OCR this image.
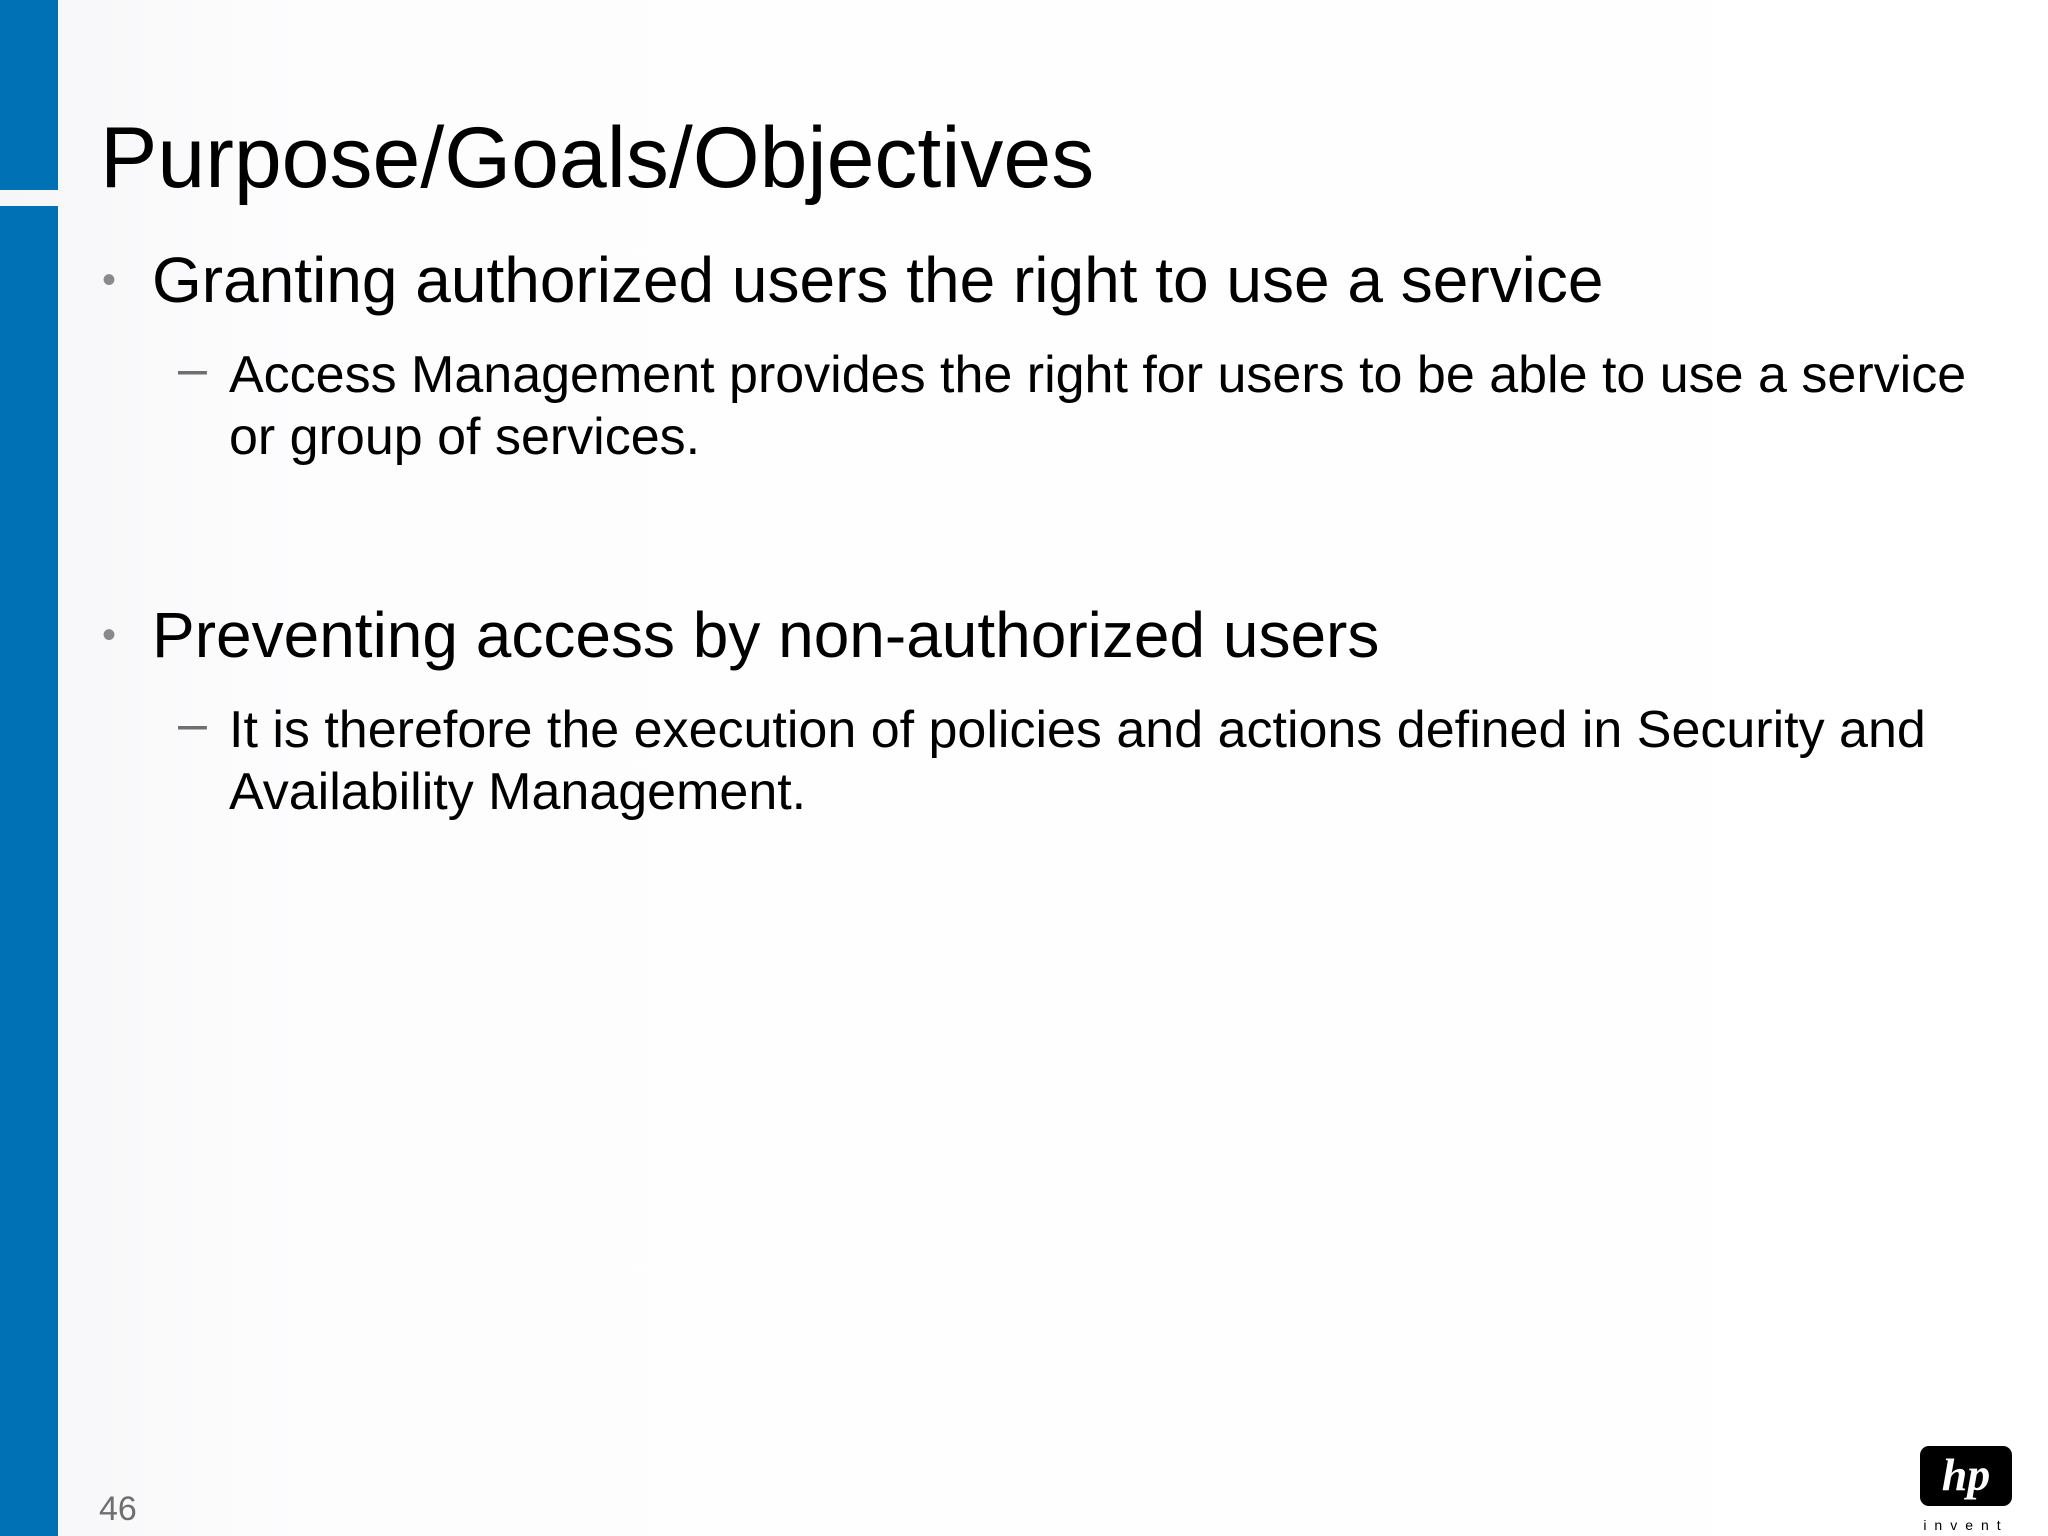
Purpose/Goals/Objectives
• Granting authorized users the right to use a service
– Access Management provides the right for users to be able to use a service or group of services.
• Preventing access by non-authorized users
– It is therefore the execution of policies and actions defined in Security and Availability Management.
46
hp
invent
